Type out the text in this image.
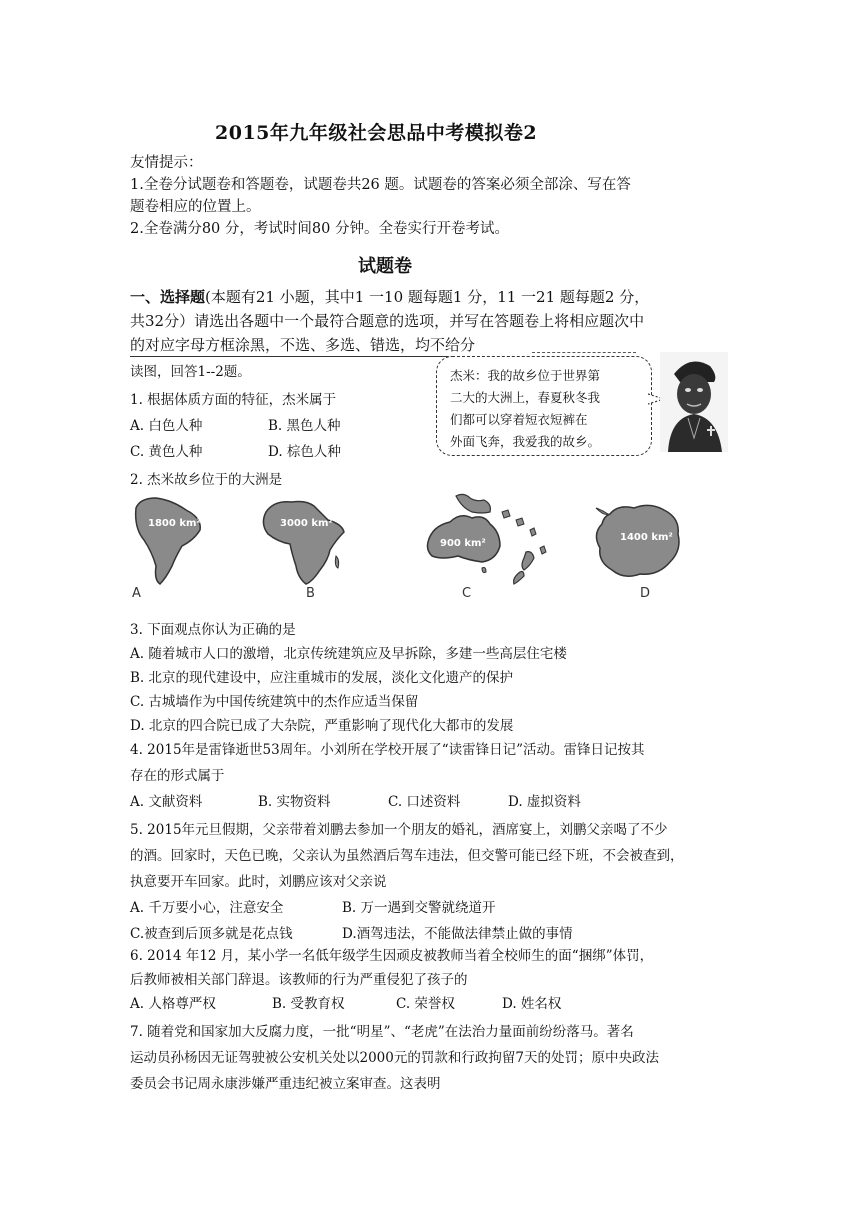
2015年九年级社会思品中考模拟卷2
友情提示：
1.全卷分试题卷和答题卷，试题卷共26 题。试题卷的答案必须全部涂、写在答
题卷相应的位置上。
2.全卷满分80 分，考试时间80 分钟。全卷实行开卷考试。
试题卷
一、选择题(本题有21 小题，其中1 一10 题每题1 分，11 一21 题每题2 分，
共32分）请选出各题中一个最符合题意的选项，并写在答题卷上将相应题次中
的对应字母方框涂黑，不选、多选、错选，均不给分
读图，回答1--2题。	杰米：我的故乡位于世界第
二大的大洲上，春夏秋冬我
们都可以穿着短衣短裤在
外面飞奔，我爱我的故乡。
1. 根据体质方面的特征，杰米属于
A. 白色人种	B. 黑色人种
C. 黄色人种	D. 棕色人种
2. 杰米故乡位于的大洲是
1800 km²
A
3000 km²
B
900 km²
C
1400 km²
D
3. 下面观点你认为正确的是
A. 随着城市人口的激增，北京传统建筑应及早拆除，多建一些高层住宅楼
B. 北京的现代建设中，应注重城市的发展，淡化文化遗产的保护
C. 古城墙作为中国传统建筑中的杰作应适当保留
D. 北京的四合院已成了大杂院，严重影响了现代化大都市的发展
4. 2015年是雷锋逝世53周年。小刘所在学校开展了“读雷锋日记”活动。雷锋日记按其
存在的形式属于
A. 文献资料	B. 实物资料	C. 口述资料	D. 虚拟资料
5. 2015年元旦假期，父亲带着刘鹏去参加一个朋友的婚礼，酒席宴上，刘鹏父亲喝了不少
的酒。回家时，天色已晚，父亲认为虽然酒后驾车违法，但交警可能已经下班，不会被查到，
执意要开车回家。此时，刘鹏应该对父亲说
A. 千万要小心，注意安全	B. 万一遇到交警就绕道开
C.被查到后顶多就是花点钱	D.酒驾违法，不能做法律禁止做的事情
6. 2014 年12 月，某小学一名低年级学生因顽皮被教师当着全校师生的面“捆绑”体罚，
后教师被相关部门辞退。该教师的行为严重侵犯了孩子的
A. 人格尊严权	B. 受教育权	C. 荣誉权	D. 姓名权
7. 随着党和国家加大反腐力度，一批“明星”、“老虎”在法治力量面前纷纷落马。著名
运动员孙杨因无证驾驶被公安机关处以2000元的罚款和行政拘留7天的处罚；原中央政法
委员会书记周永康涉嫌严重违纪被立案审查。这表明
